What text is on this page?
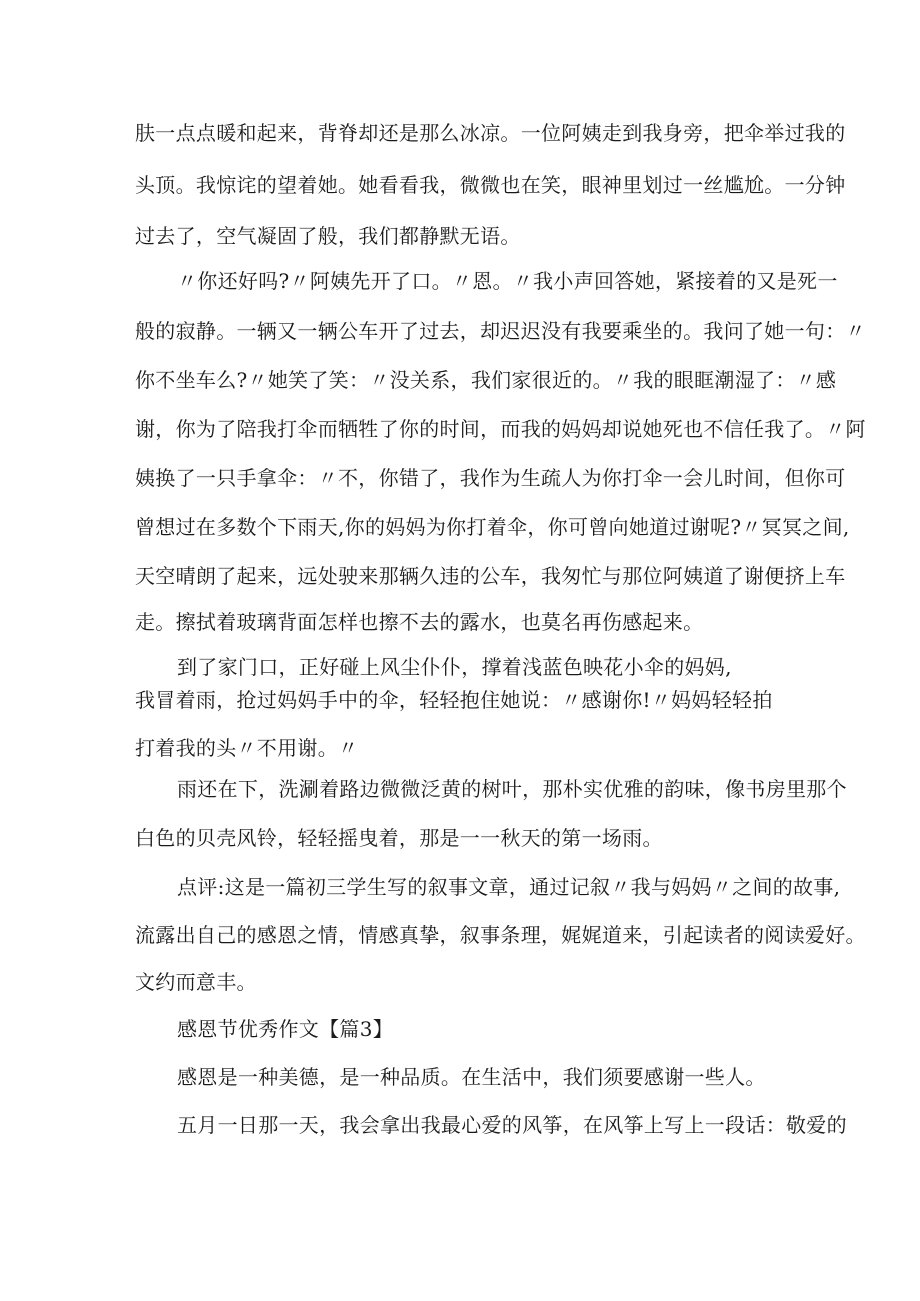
肤一点点暖和起来，背脊却还是那么冰凉。一位阿姨走到我身旁，把伞举过我的
头顶。我惊诧的望着她。她看看我，微微也在笑，眼神里划过一丝尴尬。一分钟
过去了，空气凝固了般，我们都静默无语。
〃你还好吗?〃阿姨先开了口。〃恩。〃我小声回答她，紧接着的又是死一
般的寂静。一辆又一辆公车开了过去，却迟迟没有我要乘坐的。我问了她一句：〃
你不坐车么?〃她笑了笑：〃没关系，我们家很近的。〃我的眼眶潮湿了：〃感
谢，你为了陪我打伞而牺牲了你的时间，而我的妈妈却说她死也不信任我了。〃阿
姨换了一只手拿伞：〃不，你错了，我作为生疏人为你打伞一会儿时间，但你可
曾想过在多数个下雨天,你的妈妈为你打着伞，你可曾向她道过谢呢?〃冥冥之间,
天空晴朗了起来，远处驶来那辆久违的公车，我匆忙与那位阿姨道了谢便挤上车
走。擦拭着玻璃背面怎样也擦不去的露水，也莫名再伤感起来。
到了家门口，正好碰上风尘仆仆，撑着浅蓝色映花小伞的妈妈,
我冒着雨，抢过妈妈手中的伞，轻轻抱住她说：〃感谢你!〃妈妈轻轻拍
打着我的头〃不用谢。〃
雨还在下，洗涮着路边微微泛黄的树叶，那朴实优雅的韵味，像书房里那个
白色的贝壳风铃，轻轻摇曳着，那是一一秋天的第一场雨。
点评:这是一篇初三学生写的叙事文章，通过记叙〃我与妈妈〃之间的故事,
流露出自己的感恩之情，情感真挚，叙事条理，娓娓道来，引起读者的阅读爱好。
文约而意丰。
感恩节优秀作文【篇3】
感恩是一种美德，是一种品质。在生活中，我们须要感谢一些人。
五月一日那一天，我会拿出我最心爱的风筝，在风筝上写上一段话：敬爱的
